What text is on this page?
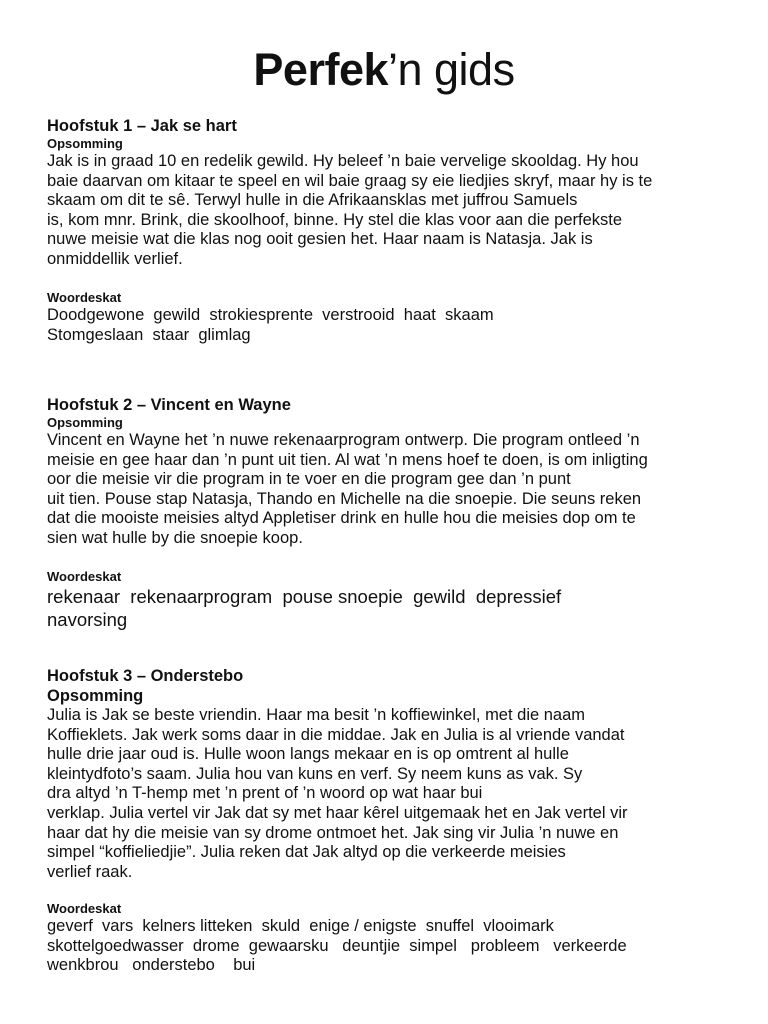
Perfek’n gids

Hoofstuk 1 – Jak se hart

Opsomming

Jak is in graad 10 en redelik gewild. Hy beleef ’n baie vervelige skooldag. Hy hou

baie daarvan om kitaar te speel en wil baie graag sy eie liedjies skryf, maar hy is te

skaam om dit te sê. Terwyl hulle in die Afrikaansklas met juffrou Samuels

is, kom mnr. Brink, die skoolhoof, binne. Hy stel die klas voor aan die perfekste

nuwe meisie wat die klas nog ooit gesien het. Haar naam is Natasja. Jak is

onmiddellik verlief.

Woordeskat

Doodgewone  gewild  strokiesprente  verstrooid  haat  skaam

Stomgeslaan  staar  glimlag

Hoofstuk 2 – Vincent en Wayne

Opsomming

Vincent en Wayne het ’n nuwe rekenaarprogram ontwerp. Die program ontleed ’n

meisie en gee haar dan ’n punt uit tien. Al wat ’n mens hoef te doen, is om inligting

oor die meisie vir die program in te voer en die program gee dan ’n punt

uit tien. Pouse stap Natasja, Thando en Michelle na die snoepie. Die seuns reken

dat die mooiste meisies altyd Appletiser drink en hulle hou die meisies dop om te

sien wat hulle by die snoepie koop.

Woordeskat

rekenaar  rekenaarprogram  pouse snoepie  gewild  depressief

navorsing

Hoofstuk 3 – Onderstebo

Opsomming

Julia is Jak se beste vriendin. Haar ma besit ’n koffiewinkel, met die naam

Koffieklets. Jak werk soms daar in die middae. Jak en Julia is al vriende vandat

hulle drie jaar oud is. Hulle woon langs mekaar en is op omtrent al hulle

kleintydfoto’s saam. Julia hou van kuns en verf. Sy neem kuns as vak. Sy

dra altyd ’n T-hemp met ’n prent of ’n woord op wat haar bui

verklap. Julia vertel vir Jak dat sy met haar kêrel uitgemaak het en Jak vertel vir

haar dat hy die meisie van sy drome ontmoet het. Jak sing vir Julia ’n nuwe en

simpel “koffieliedjie”. Julia reken dat Jak altyd op die verkeerde meisies

verlief raak.

Woordeskat

geverf  vars  kelners litteken  skuld  enige / enigste  snuffel  vlooimark

skottelgoedwasser  drome  gewaarsku   deuntjie  simpel   probleem   verkeerde

wenkbrou   onderstebo    bui
